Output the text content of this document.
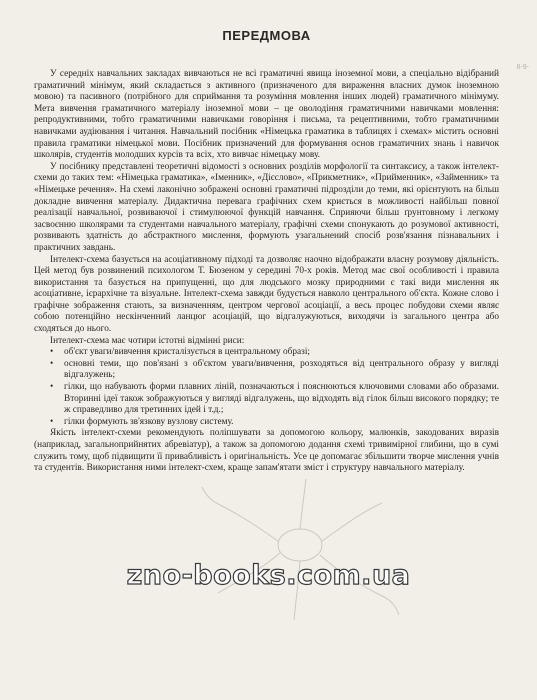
8-9-
ПЕРЕДМОВА

У середніх навчальних закладах вивчаються не всі граматичні явища іноземної мови, а спеціально відібраний граматичний мінімум, який складається з активного (призначеного для вираження власних думок іноземною мовою) та пасивного (потрібного для сприймання та розуміння мовлення інших людей) граматичного мінімуму. Мета вивчення граматичного матеріалу іноземної мови – це оволодіння граматичними навичками мовлення: репродуктивними, тобто граматичними навичками говоріння і письма, та рецептивними, тобто граматичними навичками аудіювання і читання. Навчальний посібник «Німецька граматика в таблицях і схемах» містить основні правила граматики німецької мови. Посібник призначений для формування основ граматичних знань і навичок школярів, студентів молодших курсів та всіх, хто вивчає німецьку мову.

У посібнику представлені теоретичні відомості з основних розділів морфології та синтаксису, а також інтелект-схеми до таких тем: «Німецька граматика», «Іменник», «Дієслово», «Прикметник», «Прийменник», «Займенник» та «Німецьке речення». На схемі лаконічно зображені основні граматичні підрозділи до теми, які орієнтують на більш докладне вивчення матеріалу. Дидактична перевага графічних схем криється в можливості найбільш повної реалізації навчальної, розвиваючої і стимулюючої функцій навчання. Сприяючи більш ґрунтовному і легкому засвоєнню школярами та студентами навчального матеріалу, графічні схеми спонукають до розумової активності, розвивають здатність до абстрактного мислення, формують узагальнений спосіб розв'язання пізнавальних і практичних завдань.

Інтелект-схема базується на асоціативному підході та дозволяє наочно відображати власну розумову діяльність. Цей метод був розвинений психологом Т. Бюзеном у середині 70-х років. Метод має свої особливості і правила використання та базується на припущенні, що для людського мозку природними є такі види мислення як асоціативне, ієрархічне та візуальне. Інтелект-схема завжди будується навколо центрального об'єкта. Кожне слово і графічне зображення стають, за визначенням, центром чергової асоціації, а весь процес побудови схеми являє собою потенційно нескінченний ланцюг асоціацій, що відгалужуються, виходячи із загального центра або сходяться до нього.

Інтелект-схема має чотири істотні відмінні риси:

• об'єкт уваги/вивчення кристалізується в центральному образі;
• основні теми, що пов'язані з об'єктом уваги/вивчення, розходяться від центрального образу у вигляді відгалужень;
• гілки, що набувають форми плавних ліній, позначаються і пояснюються ключовими словами або образами. Вторинні ідеї також зображуються у вигляді відгалужень, що відходять від гілок більш високого порядку; те ж справедливо для третинних ідей і т.д.;
• гілки формують зв'язкову вузлову систему.

Якість інтелект-схеми рекомендують поліпшувати за допомогою кольору, малюнків, закодованих виразів (наприклад, загальноприйнятих абревіатур), а також за допомогою додання схемі тривимірної глибини, що в сумі служить тому, щоб підвищити її привабливість і оригінальність. Усе це допомагає збільшити творче мислення учнів та студентів. Використання ними інтелект-схем, краще запам'ятати зміст і структуру навчального матеріалу.

zno-books.com.ua
